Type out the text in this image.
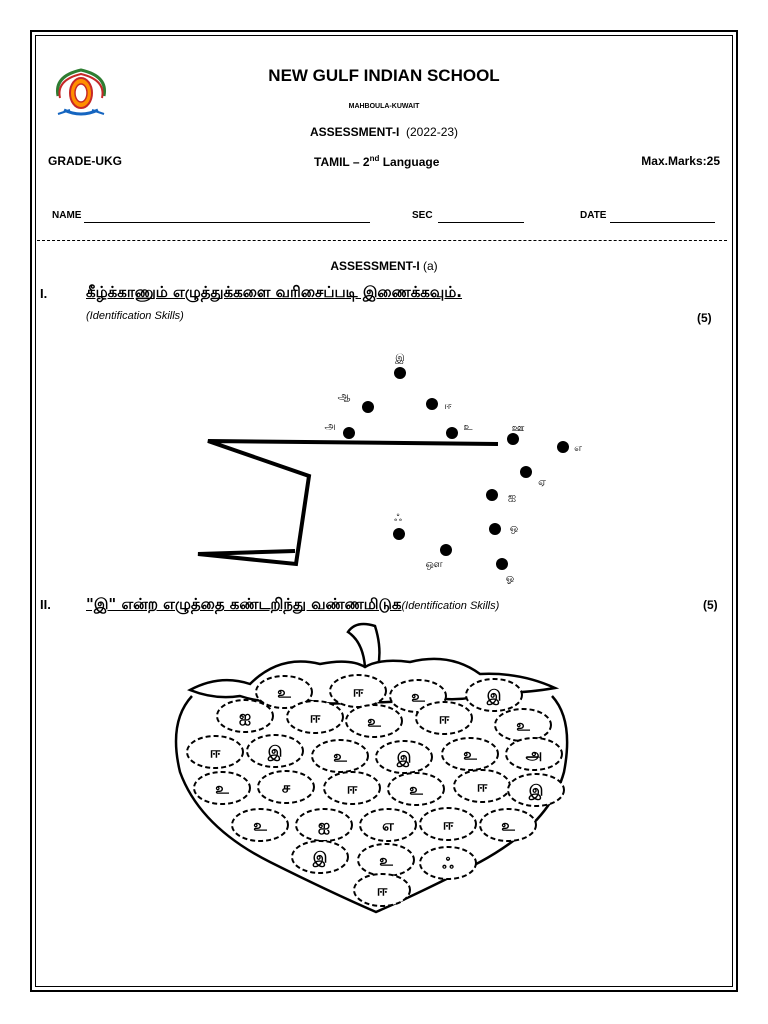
NEW GULF INDIAN SCHOOL
MAHBOULA-KUWAIT
ASSESSMENT-I (2022-23)
GRADE-UKG	TAMIL – 2nd Language	Max.Marks:25
NAME	SEC	DATE
ASSESSMENT-I (a)
I.	கீழ்க்காணும் எழுத்துக்களை வரிசைப்படி இணைக்கவும்.
(Identification Skills)	(5)
இ
ஆ
ஈ
அ	உ	ஊ
எ
ஏ
ஐ
ஒ
ஃ
ஔ
ஓ
II. "இ" என்ற எழுத்தை கண்டறிந்து வண்ணமிடுக(Identification Skills)	(5)
உ	ஈ	உ	இ
ஐ	ஈ	உ	ஈ	உ
ஈ	இ	உ	இ	உ	அ
உ	ச	ஈ	உ	ஈ	இ
உ	ஐ	எ	ஈ	உ
இ	உ	ஃ
ஈ
